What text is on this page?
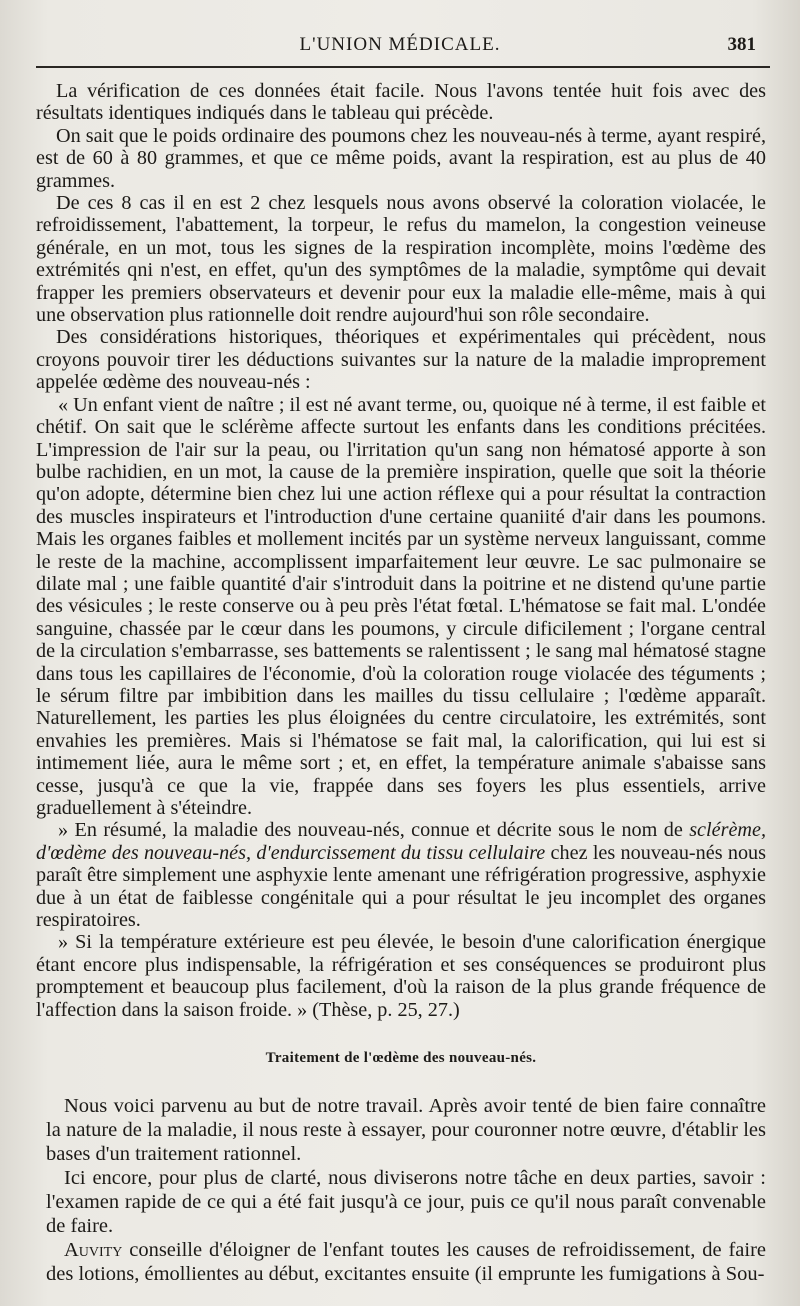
L'UNION MÉDICALE.	381

La vérification de ces données était facile. Nous l'avons tentée huit fois avec des résultats identiques indiqués dans le tableau qui précède.

On sait que le poids ordinaire des poumons chez les nouveau-nés à terme, ayant respiré, est de 60 à 80 grammes, et que ce même poids, avant la respiration, est au plus de 40 grammes.

De ces 8 cas il en est 2 chez lesquels nous avons observé la coloration violacée, le refroidissement, l'abattement, la torpeur, le refus du mamelon, la congestion veineuse générale, en un mot, tous les signes de la respiration incomplète, moins l'œdème des extrémités qni n'est, en effet, qu'un des symptômes de la maladie, symptôme qui devait frapper les premiers observateurs et devenir pour eux la maladie elle-même, mais à qui une observation plus rationnelle doit rendre aujourd'hui son rôle secondaire.

Des considérations historiques, théoriques et expérimentales qui précèdent, nous croyons pouvoir tirer les déductions suivantes sur la nature de la maladie improprement appelée œdème des nouveau-nés :

« Un enfant vient de naître ; il est né avant terme, ou, quoique né à terme, il est faible et chétif. On sait que le sclérème affecte surtout les enfants dans les conditions précitées. L'impression de l'air sur la peau, ou l'irritation qu'un sang non hématosé apporte à son bulbe rachidien, en un mot, la cause de la première inspiration, quelle que soit la théorie qu'on adopte, détermine bien chez lui une action réflexe qui a pour résultat la contraction des muscles inspirateurs et l'introduction d'une certaine quaniité d'air dans les poumons. Mais les organes faibles et mollement incités par un système nerveux languissant, comme le reste de la machine, accomplissent imparfaitement leur œuvre. Le sac pulmonaire se dilate mal ; une faible quantité d'air s'introduit dans la poitrine et ne distend qu'une partie des vésicules ; le reste conserve ou à peu près l'état fœtal. L'hématose se fait mal. L'ondée sanguine, chassée par le cœur dans les poumons, y circule dificilement ; l'organe central de la circulation s'embarrasse, ses battements se ralentissent ; le sang mal hématosé stagne dans tous les capillaires de l'économie, d'où la coloration rouge violacée des téguments ; le sérum filtre par imbibition dans les mailles du tissu cellulaire ; l'œdème apparaît. Naturellement, les parties les plus éloignées du centre circulatoire, les extrémités, sont envahies les premières. Mais si l'hématose se fait mal, la calorification, qui lui est si intimement liée, aura le même sort ; et, en effet, la température animale s'abaisse sans cesse, jusqu'à ce que la vie, frappée dans ses foyers les plus essentiels, arrive graduellement à s'éteindre.

» En résumé, la maladie des nouveau-nés, connue et décrite sous le nom de sclérème, d'œdème des nouveau-nés, d'endurcissement du tissu cellulaire chez les nouveau-nés nous paraît être simplement une asphyxie lente amenant une réfrigération progressive, asphyxie due à un état de faiblesse congénitale qui a pour résultat le jeu incomplet des organes respiratoires.

» Si la température extérieure est peu élevée, le besoin d'une calorification énergique étant encore plus indispensable, la réfrigération et ses conséquences se produiront plus promptement et beaucoup plus facilement, d'où la raison de la plus grande fréquence de l'affection dans la saison froide. » (Thèse, p. 25, 27.)

Traitement de l'œdème des nouveau-nés.

Nous voici parvenu au but de notre travail. Après avoir tenté de bien faire connaître la nature de la maladie, il nous reste à essayer, pour couronner notre œuvre, d'établir les bases d'un traitement rationnel.

Ici encore, pour plus de clarté, nous diviserons notre tâche en deux parties, savoir : l'examen rapide de ce qui a été fait jusqu'à ce jour, puis ce qu'il nous paraît convenable de faire.

Auvity conseille d'éloigner de l'enfant toutes les causes de refroidissement, de faire des lotions, émollientes au début, excitantes ensuite (il emprunte les fumigations à Sou-
